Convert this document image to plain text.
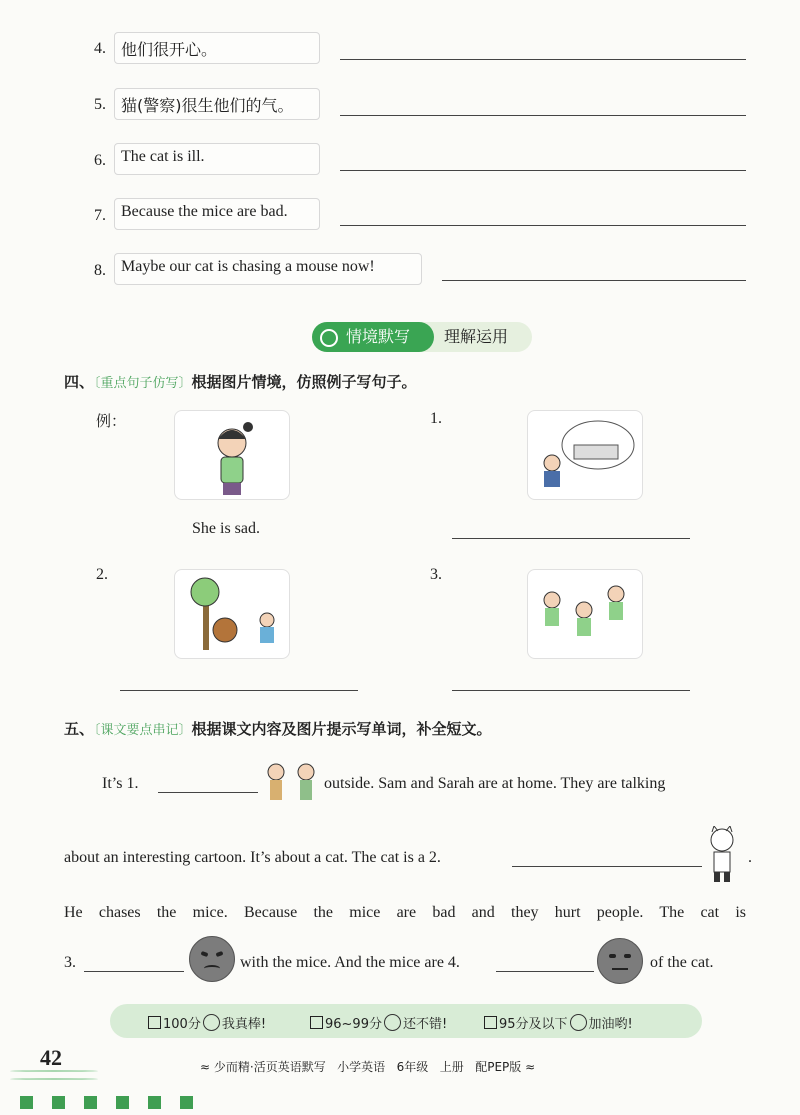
4. 他们很开心。
5. 猫(警察)很生他们的气。
6. The cat is ill.
7. Because the mice are bad.
8. Maybe our cat is chasing a mouse now!
情境默写 理解运用
四、〔重点句子仿写〕根据图片情境，仿照例子写句子。
例：
She is sad.
1.
2.	3.
五、〔课文要点串记〕根据课文内容及图片提示写单词，补全短文。
It’s 1.	outside. Sam and Sarah are at home. They are talking
about an interesting cartoon. It’s about a cat. The cat is a 2.	.
He chases the mice. Because the mice are bad and they hurt people. The cat is
3.	with the mice. And the mice are 4.	of the cat.
100分 我真棒!	96~99分 还不错!	95分及以下 加油哟!
42	≈ 少而精·活页英语默写 小学英语 6年级 上册 配PEP版 ≈
